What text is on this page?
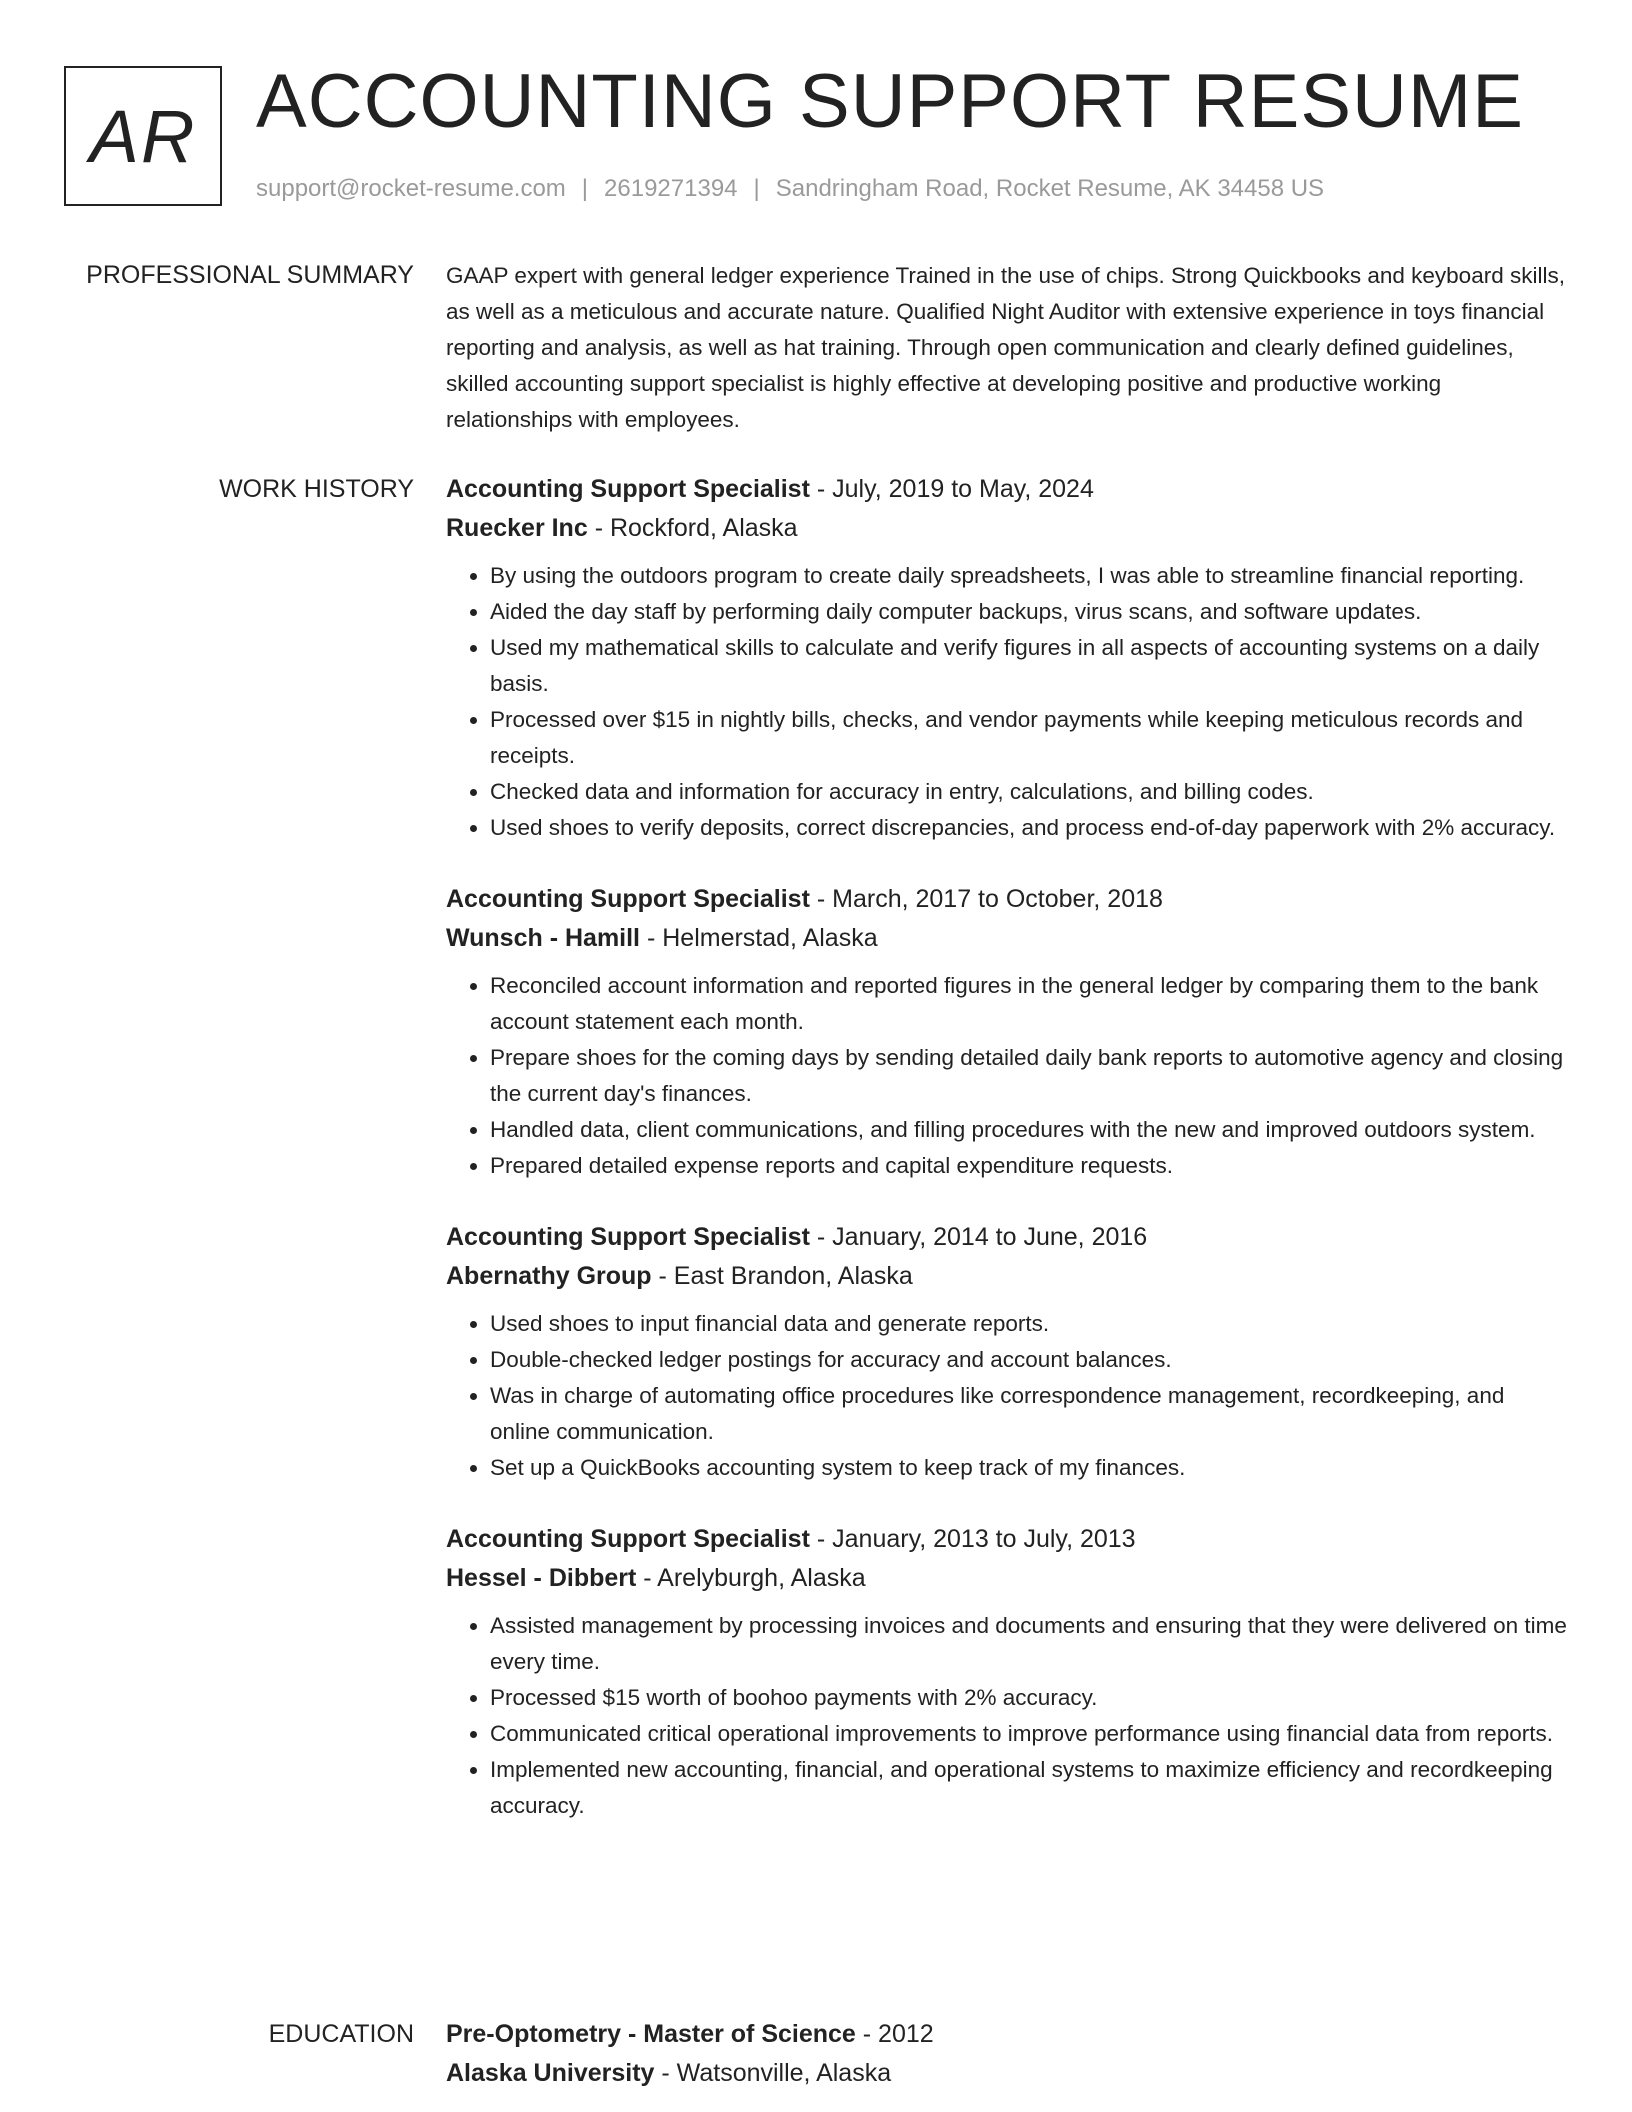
AR ACCOUNTING SUPPORT RESUME
support@rocket-resume.com | 2619271394 | Sandringham Road, Rocket Resume, AK 34458 US
PROFESSIONAL SUMMARY GAAP expert with general ledger experience Trained in the use of chips. Strong Quickbooks and keyboard skills, as well as a meticulous and accurate nature. Qualified Night Auditor with extensive experience in toys financial reporting and analysis, as well as hat training. Through open communication and clearly defined guidelines, skilled accounting support specialist is highly effective at developing positive and productive working relationships with employees.

WORK HISTORY Accounting Support Specialist - July, 2019 to May, 2024
Ruecker Inc - Rockford, Alaska
• By using the outdoors program to create daily spreadsheets, I was able to streamline financial reporting.
• Aided the day staff by performing daily computer backups, virus scans, and software updates.
• Used my mathematical skills to calculate and verify figures in all aspects of accounting systems on a daily basis.
• Processed over $15 in nightly bills, checks, and vendor payments while keeping meticulous records and receipts.
• Checked data and information for accuracy in entry, calculations, and billing codes.
• Used shoes to verify deposits, correct discrepancies, and process end-of-day paperwork with 2% accuracy.
Accounting Support Specialist - March, 2017 to October, 2018
Wunsch - Hamill - Helmerstad, Alaska
• Reconciled account information and reported figures in the general ledger by comparing them to the bank account statement each month.
• Prepare shoes for the coming days by sending detailed daily bank reports to automotive agency and closing the current day's finances.
• Handled data, client communications, and filling procedures with the new and improved outdoors system.
• Prepared detailed expense reports and capital expenditure requests.
Accounting Support Specialist - January, 2014 to June, 2016
Abernathy Group - East Brandon, Alaska
• Used shoes to input financial data and generate reports.
• Double-checked ledger postings for accuracy and account balances.
• Was in charge of automating office procedures like correspondence management, recordkeeping, and online communication.
• Set up a QuickBooks accounting system to keep track of my finances.
Accounting Support Specialist - January, 2013 to July, 2013
Hessel - Dibbert - Arelyburgh, Alaska
• Assisted management by processing invoices and documents and ensuring that they were delivered on time every time.
• Processed $15 worth of boohoo payments with 2% accuracy.
• Communicated critical operational improvements to improve performance using financial data from reports.
• Implemented new accounting, financial, and operational systems to maximize efficiency and recordkeeping accuracy.
EDUCATION Pre-Optometry - Master of Science - 2012
Alaska University - Watsonville, Alaska
